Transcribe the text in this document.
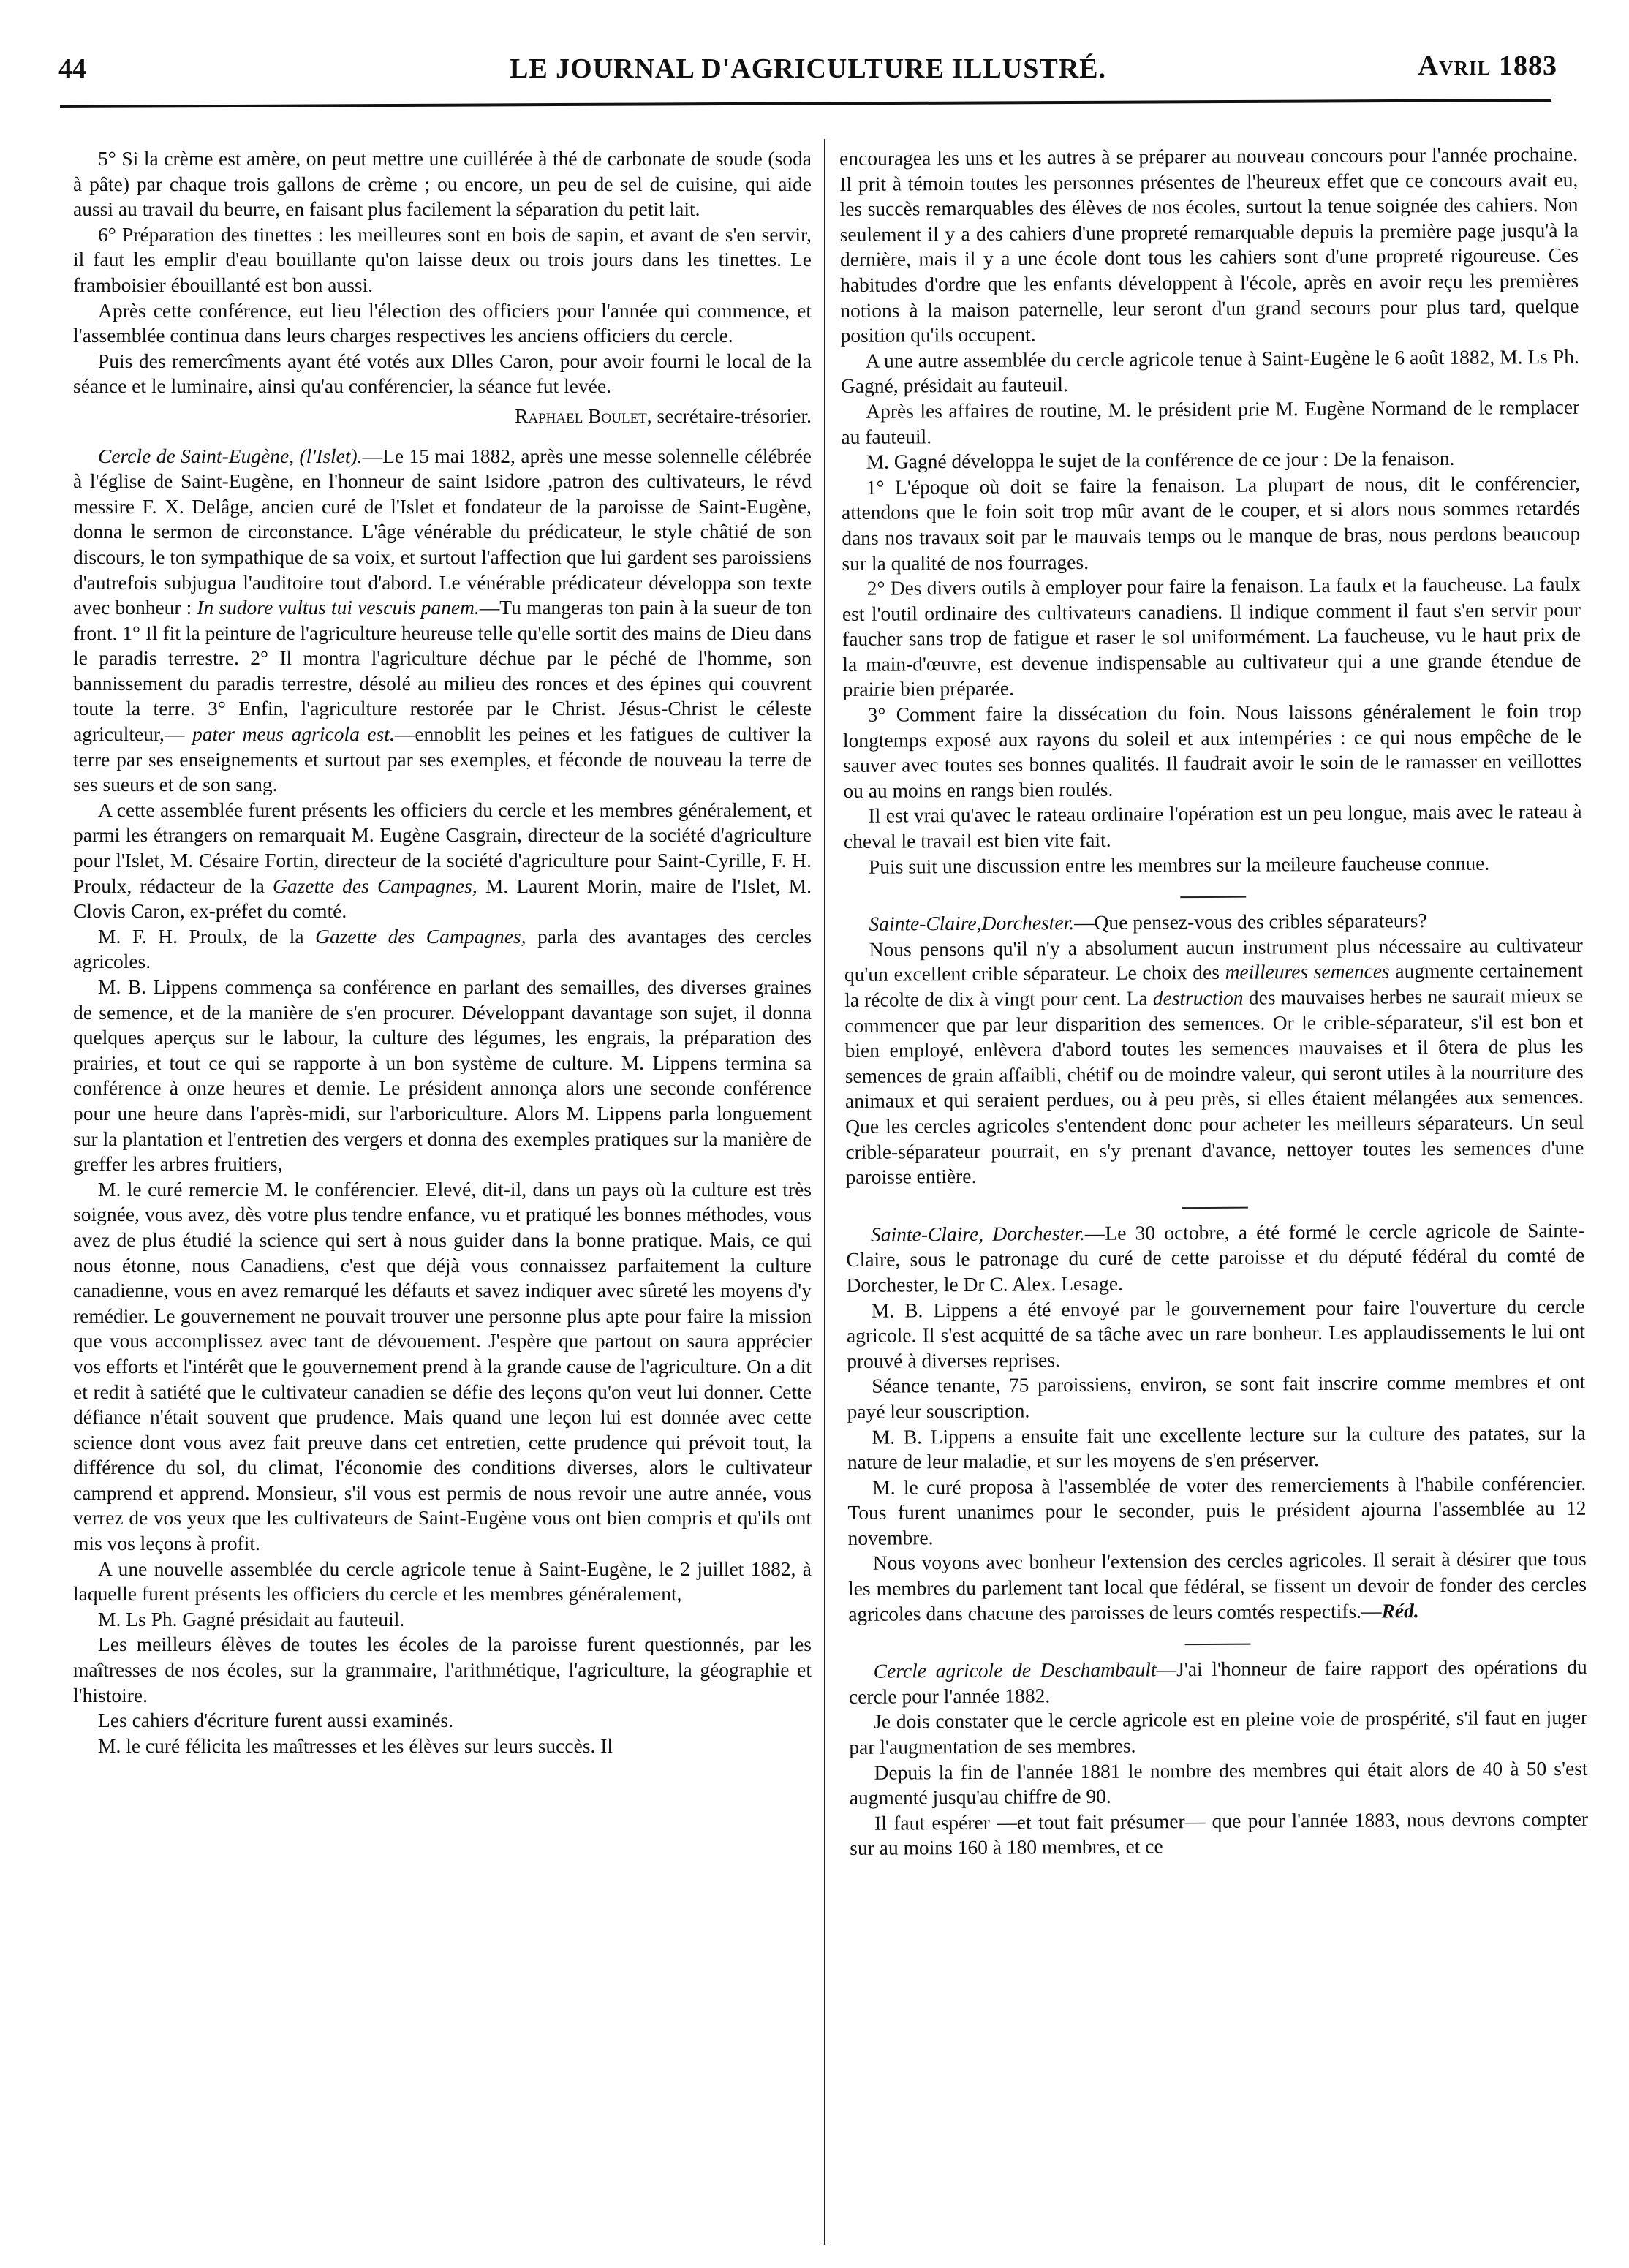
44	LE JOURNAL D'AGRICULTURE ILLUSTRÉ.	Avril 1883

5° Si la crème est amère, on peut mettre une cuillérée à thé de carbonate de soude (soda à pâte) par chaque trois gallons de crème ; ou encore, un peu de sel de cuisine, qui aide aussi au travail du beurre, en faisant plus facilement la séparation du petit lait.

6° Préparation des tinettes : les meilleures sont en bois de sapin, et avant de s'en servir, il faut les emplir d'eau bouillante qu'on laisse deux ou trois jours dans les tinettes. Le framboisier ébouillanté est bon aussi.

Après cette conférence, eut lieu l'élection des officiers pour l'année qui commence, et l'assemblée continua dans leurs charges respectives les anciens officiers du cercle.

Puis des remercîments ayant été votés aux Dlles Caron, pour avoir fourni le local de la séance et le luminaire, ainsi qu'au conférencier, la séance fut levée.

Raphael Boulet, secrétaire-trésorier.

Cercle de Saint-Eugène, (l'Islet).—Le 15 mai 1882, après une messe solennelle célébrée à l'église de Saint-Eugène, en l'honneur de saint Isidore ,patron des cultivateurs, le révd messire F. X. Delâge, ancien curé de l'Islet et fondateur de la paroisse de Saint-Eugène, donna le sermon de circonstance. L'âge vénérable du prédicateur, le style châtié de son discours, le ton sympathique de sa voix, et surtout l'affection que lui gardent ses paroissiens d'autrefois subjugua l'auditoire tout d'abord. Le vénérable prédicateur développa son texte avec bonheur : In sudore vultus tui vescuis panem.—Tu mangeras ton pain à la sueur de ton front. 1° Il fit la peinture de l'agriculture heureuse telle qu'elle sortit des mains de Dieu dans le paradis terrestre. 2° Il montra l'agriculture déchue par le péché de l'homme, son bannissement du paradis terrestre, désolé au milieu des ronces et des épines qui couvrent toute la terre. 3° Enfin, l'agriculture restorée par le Christ. Jésus-Christ le céleste agriculteur,— pater meus agricola est.—ennoblit les peines et les fatigues de cultiver la terre par ses enseignements et surtout par ses exemples, et féconde de nouveau la terre de ses sueurs et de son sang.

A cette assemblée furent présents les officiers du cercle et les membres généralement, et parmi les étrangers on remarquait M. Eugène Casgrain, directeur de la société d'agriculture pour l'Islet, M. Césaire Fortin, directeur de la société d'agriculture pour Saint-Cyrille, F. H. Proulx, rédacteur de la Gazette des Campagnes, M. Laurent Morin, maire de l'Islet, M. Clovis Caron, ex-préfet du comté.

M. F. H. Proulx, de la Gazette des Campagnes, parla des avantages des cercles agricoles.

M. B. Lippens commença sa conférence en parlant des semailles, des diverses graines de semence, et de la manière de s'en procurer. Développant davantage son sujet, il donna quelques aperçus sur le labour, la culture des légumes, les engrais, la préparation des prairies, et tout ce qui se rapporte à un bon système de culture. M. Lippens termina sa conférence à onze heures et demie. Le président annonça alors une seconde conférence pour une heure dans l'après-midi, sur l'arboriculture. Alors M. Lippens parla longuement sur la plantation et l'entretien des vergers et donna des exemples pratiques sur la manière de greffer les arbres fruitiers,

M. le curé remercie M. le conférencier. Elevé, dit-il, dans un pays où la culture est très soignée, vous avez, dès votre plus tendre enfance, vu et pratiqué les bonnes méthodes, vous avez de plus étudié la science qui sert à nous guider dans la bonne pratique. Mais, ce qui nous étonne, nous Canadiens, c'est que déjà vous connaissez parfaitement la culture canadienne, vous en avez remarqué les défauts et savez indiquer avec sûreté les moyens d'y remédier. Le gouvernement ne pouvait trouver une personne plus apte pour faire la mission que vous accomplissez avec tant de dévouement. J'espère que partout on saura apprécier vos efforts et l'intérêt que le gouvernement prend à la grande cause de l'agriculture. On a dit et redit à satiété que le cultivateur canadien se défie des leçons qu'on veut lui donner. Cette défiance n'était souvent que prudence. Mais quand une leçon lui est donnée avec cette science dont vous avez fait preuve dans cet entretien, cette prudence qui prévoit tout, la différence du sol, du climat, l'économie des conditions diverses, alors le cultivateur camprend et apprend. Monsieur, s'il vous est permis de nous revoir une autre année, vous verrez de vos yeux que les cultivateurs de Saint-Eugène vous ont bien compris et qu'ils ont mis vos leçons à profit.

A une nouvelle assemblée du cercle agricole tenue à Saint-Eugène, le 2 juillet 1882, à laquelle furent présents les officiers du cercle et les membres généralement,

M. Ls Ph. Gagné présidait au fauteuil.

Les meilleurs élèves de toutes les écoles de la paroisse furent questionnés, par les maîtresses de nos écoles, sur la grammaire, l'arithmétique, l'agriculture, la géographie et l'histoire.

Les cahiers d'écriture furent aussi examinés.

M. le curé félicita les maîtresses et les élèves sur leurs succès. Il

encouragea les uns et les autres à se préparer au nouveau concours pour l'année prochaine. Il prit à témoin toutes les personnes présentes de l'heureux effet que ce concours avait eu, les succès remarquables des élèves de nos écoles, surtout la tenue soignée des cahiers. Non seulement il y a des cahiers d'une propreté remarquable depuis la première page jusqu'à la dernière, mais il y a une école dont tous les cahiers sont d'une propreté rigoureuse. Ces habitudes d'ordre que les enfants développent à l'école, après en avoir reçu les premières notions à la maison paternelle, leur seront d'un grand secours pour plus tard, quelque position qu'ils occupent.

A une autre assemblée du cercle agricole tenue à Saint-Eugène le 6 août 1882, M. Ls Ph. Gagné, présidait au fauteuil.

Après les affaires de routine, M. le président prie M. Eugène Normand de le remplacer au fauteuil.

M. Gagné développa le sujet de la conférence de ce jour : De la fenaison.

1° L'époque où doit se faire la fenaison. La plupart de nous, dit le conférencier, attendons que le foin soit trop mûr avant de le couper, et si alors nous sommes retardés dans nos travaux soit par le mauvais temps ou le manque de bras, nous perdons beaucoup sur la qualité de nos fourrages.

2° Des divers outils à employer pour faire la fenaison. La faulx et la faucheuse. La faulx est l'outil ordinaire des cultivateurs canadiens. Il indique comment il faut s'en servir pour faucher sans trop de fatigue et raser le sol uniformément. La faucheuse, vu le haut prix de la main-d'œuvre, est devenue indispensable au cultivateur qui a une grande étendue de prairie bien préparée.

3° Comment faire la dissécation du foin. Nous laissons généralement le foin trop longtemps exposé aux rayons du soleil et aux intempéries : ce qui nous empêche de le sauver avec toutes ses bonnes qualités. Il faudrait avoir le soin de le ramasser en veillottes ou au moins en rangs bien roulés.

Il est vrai qu'avec le rateau ordinaire l'opération est un peu longue, mais avec le rateau à cheval le travail est bien vite fait.

Puis suit une discussion entre les membres sur la meileure faucheuse connue.

Sainte-Claire,Dorchester.—Que pensez-vous des cribles séparateurs?

Nous pensons qu'il n'y a absolument aucun instrument plus nécessaire au cultivateur qu'un excellent crible séparateur. Le choix des meilleures semences augmente certainement la récolte de dix à vingt pour cent. La destruction des mauvaises herbes ne saurait mieux se commencer que par leur disparition des semences. Or le crible-séparateur, s'il est bon et bien employé, enlèvera d'abord toutes les semences mauvaises et il ôtera de plus les semences de grain affaibli, chétif ou de moindre valeur, qui seront utiles à la nourriture des animaux et qui seraient perdues, ou à peu près, si elles étaient mélangées aux semences. Que les cercles agricoles s'entendent donc pour acheter les meilleurs séparateurs. Un seul crible-séparateur pourrait, en s'y prenant d'avance, nettoyer toutes les semences d'une paroisse entière.

Sainte-Claire, Dorchester.—Le 30 octobre, a été formé le cercle agricole de Sainte-Claire, sous le patronage du curé de cette paroisse et du député fédéral du comté de Dorchester, le Dr C. Alex. Lesage.

M. B. Lippens a été envoyé par le gouvernement pour faire l'ouverture du cercle agricole. Il s'est acquitté de sa tâche avec un rare bonheur. Les applaudissements le lui ont prouvé à diverses reprises.

Séance tenante, 75 paroissiens, environ, se sont fait inscrire comme membres et ont payé leur souscription.

M. B. Lippens a ensuite fait une excellente lecture sur la culture des patates, sur la nature de leur maladie, et sur les moyens de s'en préserver.

M. le curé proposa à l'assemblée de voter des remerciements à l'habile conférencier. Tous furent unanimes pour le seconder, puis le président ajourna l'assemblée au 12 novembre.

Nous voyons avec bonheur l'extension des cercles agricoles. Il serait à désirer que tous les membres du parlement tant local que fédéral, se fissent un devoir de fonder des cercles agricoles dans chacune des paroisses de leurs comtés respectifs.—Réd.

Cercle agricole de Deschambault—J'ai l'honneur de faire rapport des opérations du cercle pour l'année 1882.

Je dois constater que le cercle agricole est en pleine voie de prospérité, s'il faut en juger par l'augmentation de ses membres.

Depuis la fin de l'année 1881 le nombre des membres qui était alors de 40 à 50 s'est augmenté jusqu'au chiffre de 90.

Il faut espérer —et tout fait présumer— que pour l'année 1883, nous devrons compter sur au moins 160 à 180 membres, et ce
